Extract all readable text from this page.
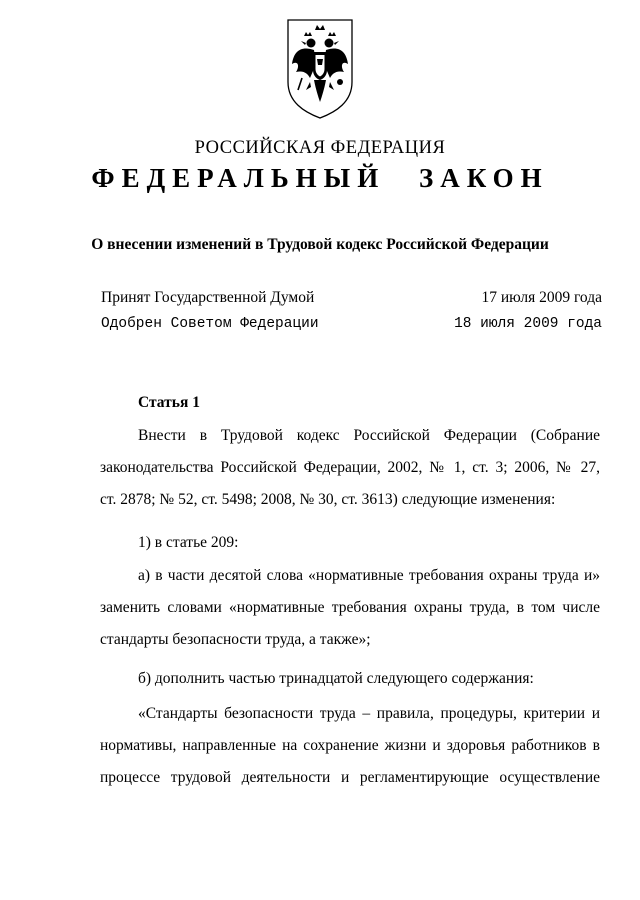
РОССИЙСКАЯ ФЕДЕРАЦИЯ
ФЕДЕРАЛЬНЫЙ ЗАКОН
О внесении изменений в Трудовой кодекс Российской Федерации
Принят Государственной Думой	17 июля 2009 года
Одобрен Советом Федерации	18 июля 2009 года
Статья 1
Внести в Трудовой кодекс Российской Федерации (Собрание
законодательства Российской Федерации, 2002, № 1, ст. 3; 2006, № 27,
ст. 2878; № 52, ст. 5498; 2008, № 30, ст. 3613) следующие изменения:
1) в статье 209:
а) в части десятой слова «нормативные требования охраны труда и»
заменить словами «нормативные требования охраны труда, в том числе
стандарты безопасности труда, а также»;
б) дополнить частью тринадцатой следующего содержания:
«Стандарты безопасности труда – правила, процедуры, критерии и
нормативы, направленные на сохранение жизни и здоровья работников в
процессе трудовой деятельности и регламентирующие осуществление
